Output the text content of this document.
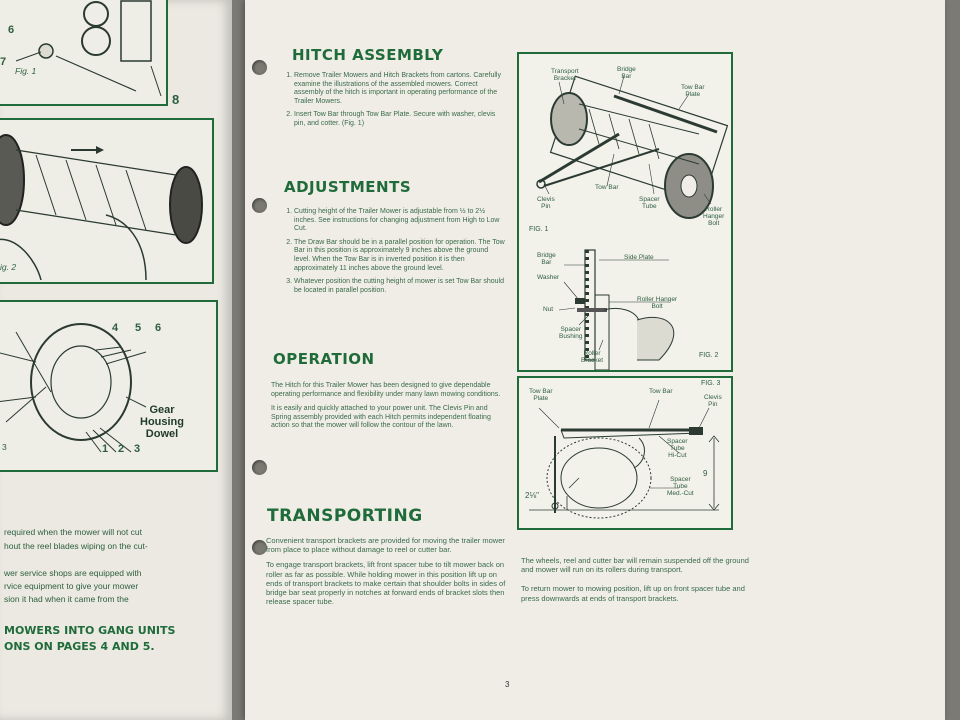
6
7
8
Fig. 1
ig. 2
4 5 6
1 2 3
Gear
Housing
Dowel
3
required when the mower will not cut
hout the reel blades wiping on the cut-
wer service shops are equipped with
rvice equipment to give your mower
sion it had when it came from the
MOWERS INTO GANG UNITS
ONS ON PAGES 4 AND 5.
HITCH ASSEMBLY
1. Remove Trailer Mowers and Hitch Brackets from cartons. Carefully examine the illustrations of the assembled mowers. Correct assembly of the hitch is important in operating performance of the Trailer Mowers.
2. Insert Tow Bar through Tow Bar Plate. Secure with washer, clevis pin, and cotter. (Fig. 1)
ADJUSTMENTS
1. Cutting height of the Trailer Mower is adjustable from ½ to 2½ inches. See instructions for changing adjustment from High to Low Cut.
2. The Draw Bar should be in a parallel position for operation. The Tow Bar in this position is approximately 9 inches above the ground level. When the Tow Bar is in inverted position it is then approximately 11 inches above the ground level.
3. Whatever position the cutting height of mower is set Tow Bar should be located in parallel position.
OPERATION

The Hitch for this Trailer Mower has been designed to give dependable operating performance and flexibility under many lawn mowing conditions.

It is easily and quickly attached to your power unit. The Clevis Pin and Spring assembly provided with each Hitch permits independent floating action so that the mower will follow the contour of the lawn.

TRANSPORTING

Convenient transport brackets are provided for moving the trailer mower from place to place without damage to reel or cutter bar.

To engage transport brackets, lift front spacer tube to tilt mower back on roller as far as possible. While holding mower in this position lift up on ends of transport brackets to make certain that shoulder bolts in sides of bridge bar seat properly in notches at forward ends of bracket slots then release spacer tube.

The wheels, reel and cutter bar will remain suspended off the ground and mower will run on its rollers during transport.

To return mower to mowing position, lift up on front spacer tube and press downwards at ends of transport brackets.

Transport
Bracket
Bridge
Bar
Tow Bar
Plate
Tow Bar
Clevis
Pin
Spacer
Tube	Roller
Hanger
Bolt
FIG. 1
Bridge
Bar
Side Plate
Washer
Roller Hanger
Bolt
Nut
Spacer
Bushing
Roller
Bracket
FIG. 2
Tow Bar
Plate
Tow Bar
FIG. 3
Clevis
Pin
Spacer
Tube
Hi-Cut
9
Spacer
Tube
Med.-Cut
2⅛"
3
